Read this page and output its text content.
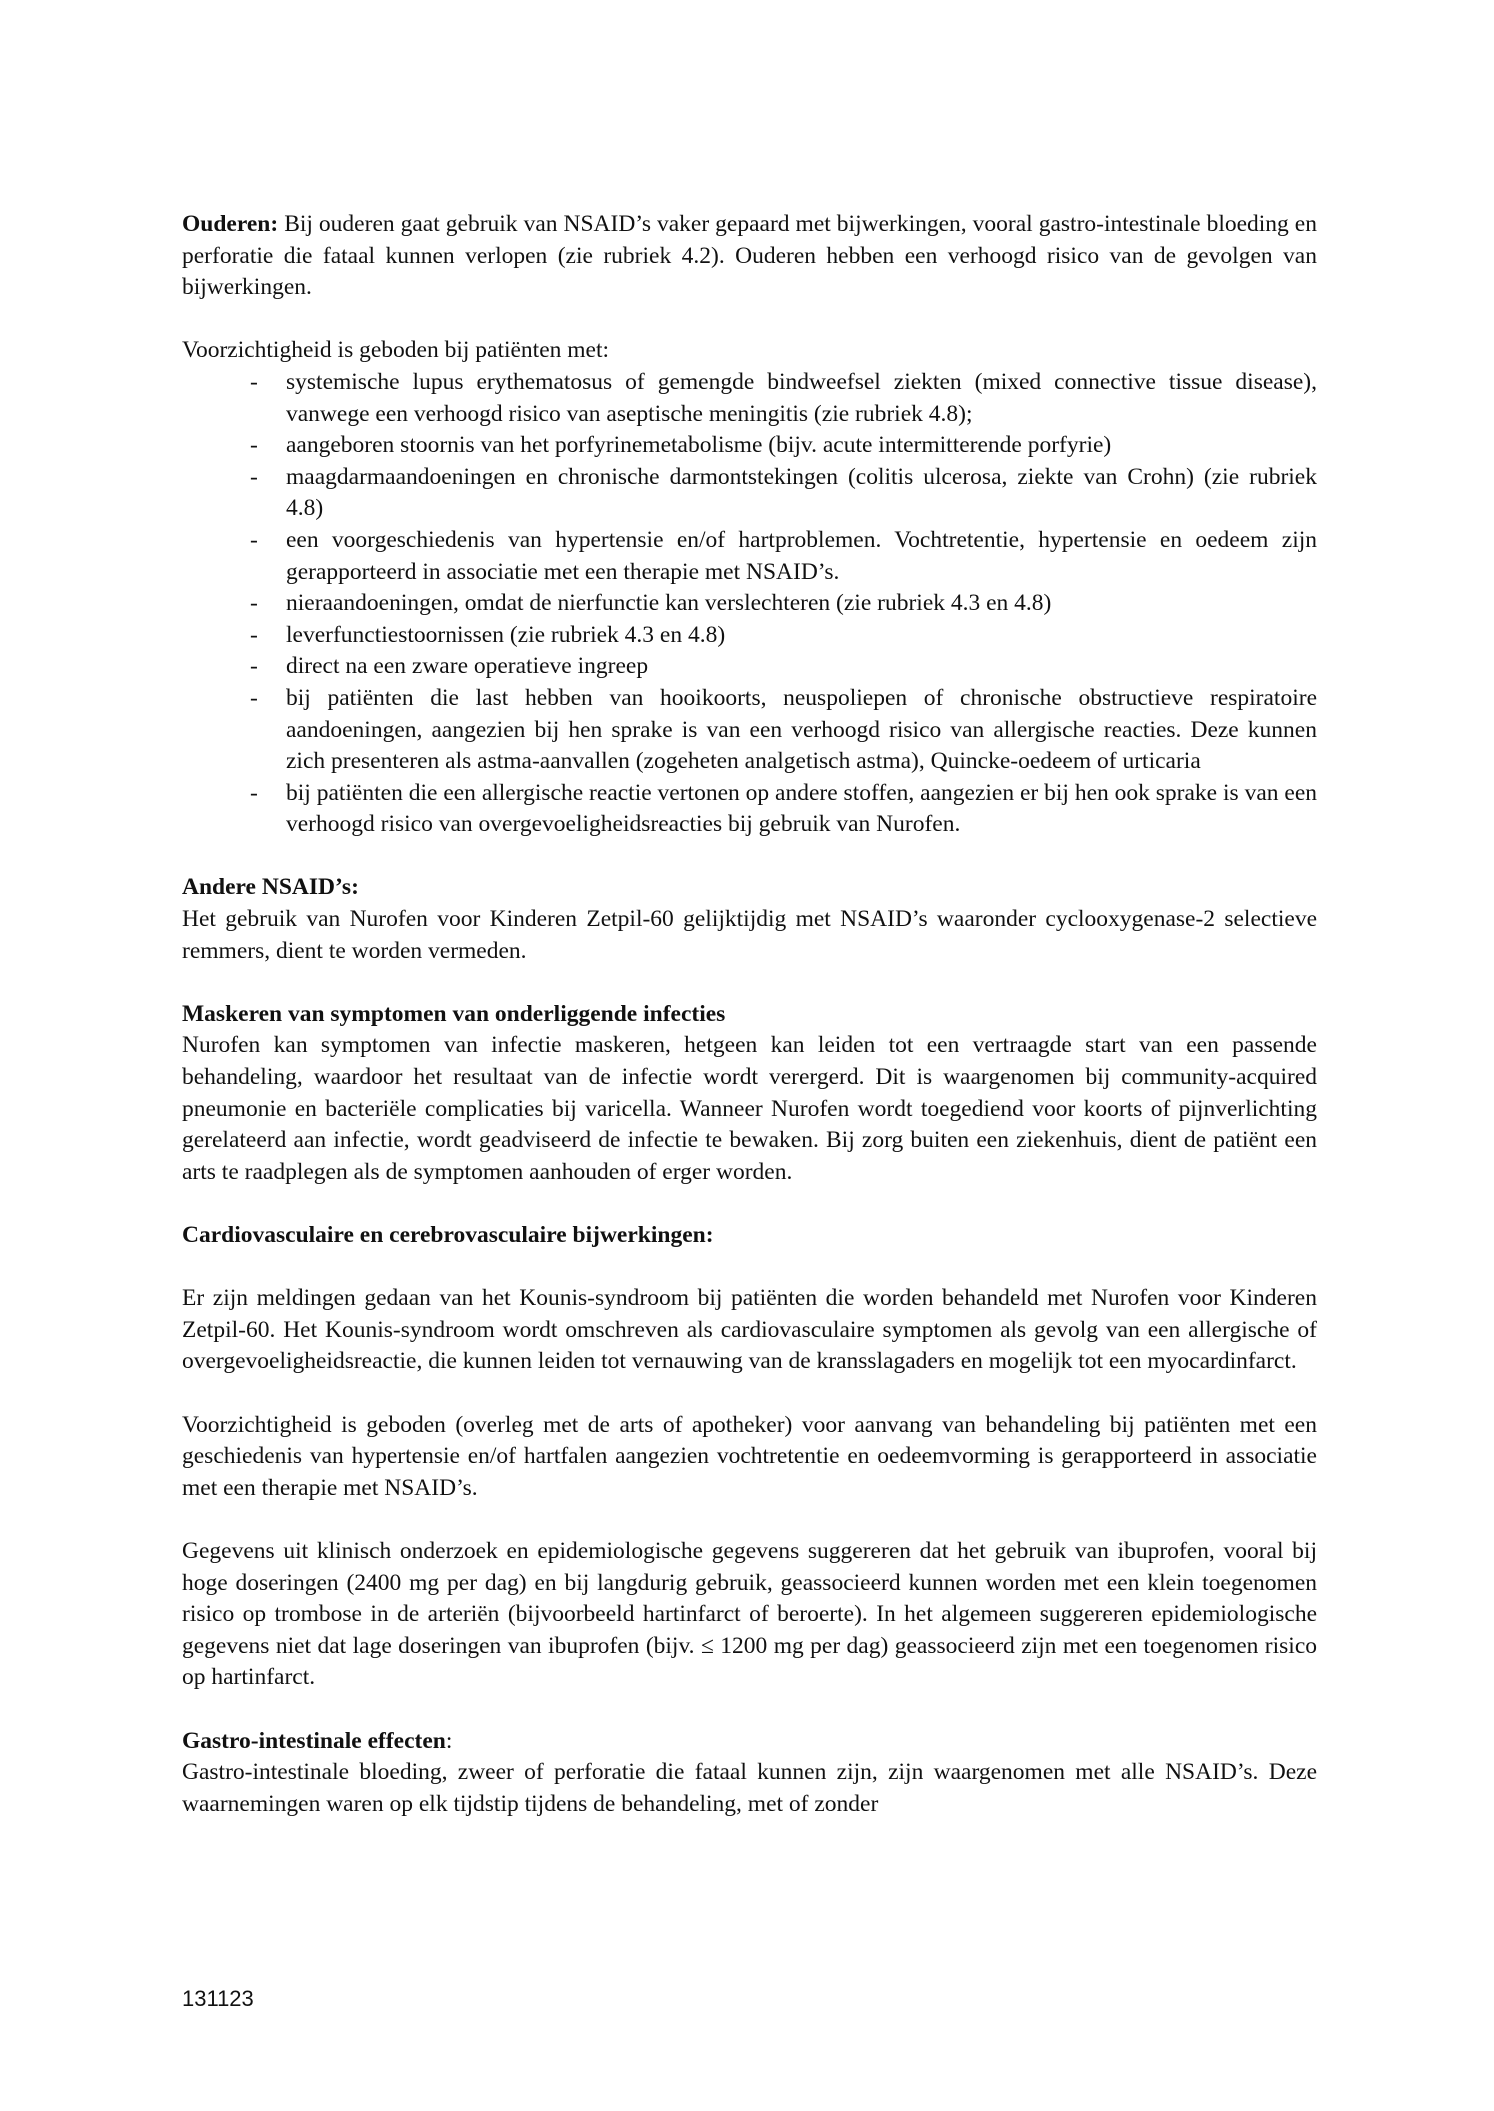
Ouderen: Bij ouderen gaat gebruik van NSAID’s vaker gepaard met bijwerkingen, vooral gastro-intestinale bloeding en perforatie die fataal kunnen verlopen (zie rubriek 4.2). Ouderen hebben een verhoogd risico van de gevolgen van bijwerkingen.

Voorzichtigheid is geboden bij patiënten met:

- systemische lupus erythematosus of gemengde bindweefsel ziekten (mixed connective tissue disease), vanwege een verhoogd risico van aseptische meningitis (zie rubriek 4.8);
- aangeboren stoornis van het porfyrinemetabolisme (bijv. acute intermitterende porfyrie)
- maagdarmaandoeningen en chronische darmontstekingen (colitis ulcerosa, ziekte van Crohn) (zie rubriek 4.8)
- een voorgeschiedenis van hypertensie en/of hartproblemen. Vochtretentie, hypertensie en oedeem zijn gerapporteerd in associatie met een therapie met NSAID’s.
- nieraandoeningen, omdat de nierfunctie kan verslechteren (zie rubriek 4.3 en 4.8)
- leverfunctiestoornissen (zie rubriek 4.3 en 4.8)
- direct na een zware operatieve ingreep
- bij patiënten die last hebben van hooikoorts, neuspoliepen of chronische obstructieve respiratoire aandoeningen, aangezien bij hen sprake is van een verhoogd risico van allergische reacties. Deze kunnen zich presenteren als astma-aanvallen (zogeheten analgetisch astma), Quincke-oedeem of urticaria
- bij patiënten die een allergische reactie vertonen op andere stoffen, aangezien er bij hen ook sprake is van een verhoogd risico van overgevoeligheidsreacties bij gebruik van Nurofen.

Andere NSAID’s:

Het gebruik van Nurofen voor Kinderen Zetpil-60 gelijktijdig met NSAID’s waaronder cyclooxygenase-2 selectieve remmers, dient te worden vermeden.

Maskeren van symptomen van onderliggende infecties

Nurofen kan symptomen van infectie maskeren, hetgeen kan leiden tot een vertraagde start van een passende behandeling, waardoor het resultaat van de infectie wordt verergerd. Dit is waargenomen bij community-acquired pneumonie en bacteriële complicaties bij varicella. Wanneer Nurofen wordt toegediend voor koorts of pijnverlichting gerelateerd aan infectie, wordt geadviseerd de infectie te bewaken. Bij zorg buiten een ziekenhuis, dient de patiënt een arts te raadplegen als de symptomen aanhouden of erger worden.

Cardiovasculaire en cerebrovasculaire bijwerkingen:

Er zijn meldingen gedaan van het Kounis-syndroom bij patiënten die worden behandeld met Nurofen voor Kinderen Zetpil-60. Het Kounis-syndroom wordt omschreven als cardiovasculaire symptomen als gevolg van een allergische of overgevoeligheidsreactie, die kunnen leiden tot vernauwing van de kransslagaders en mogelijk tot een myocardinfarct.

Voorzichtigheid is geboden (overleg met de arts of apotheker) voor aanvang van behandeling bij patiënten met een geschiedenis van hypertensie en/of hartfalen aangezien vochtretentie en oedeemvorming is gerapporteerd in associatie met een therapie met NSAID’s.

Gegevens uit klinisch onderzoek en epidemiologische gegevens suggereren dat het gebruik van ibuprofen, vooral bij hoge doseringen (2400 mg per dag) en bij langdurig gebruik, geassocieerd kunnen worden met een klein toegenomen risico op trombose in de arteriën (bijvoorbeeld hartinfarct of beroerte). In het algemeen suggereren epidemiologische gegevens niet dat lage doseringen van ibuprofen (bijv. ≤ 1200 mg per dag) geassocieerd zijn met een toegenomen risico op hartinfarct.

Gastro-intestinale effecten:

Gastro-intestinale bloeding, zweer of perforatie die fataal kunnen zijn, zijn waargenomen met alle NSAID’s. Deze waarnemingen waren op elk tijdstip tijdens de behandeling, met of zonder

131123
